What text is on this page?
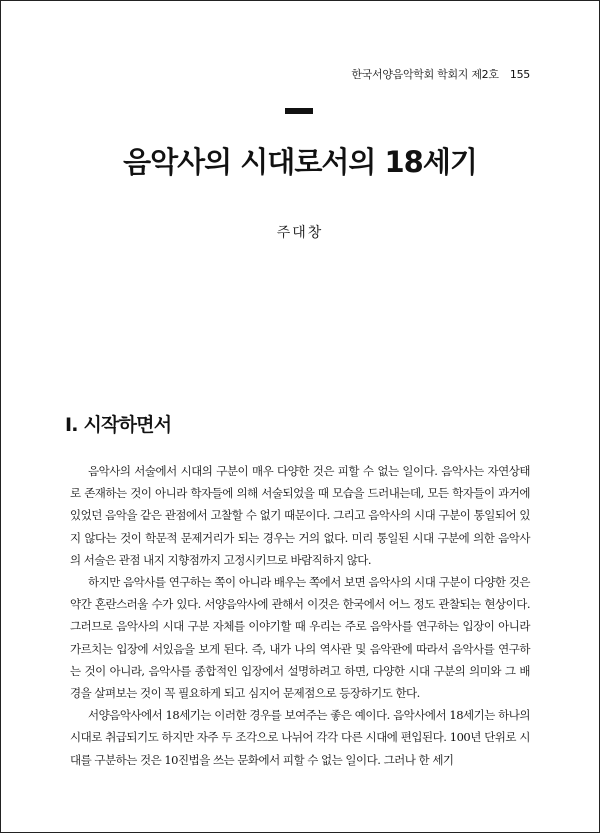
한국서양음악학회 학회지 제2호 155
음악사의 시대로서의 18세기
주대창
I. 시작하면서

음악사의 서술에서 시대의 구분이 매우 다양한 것은 피할 수 없는 일이다. 음악사는 자연상태로 존재하는 것이 아니라 학자들에 의해 서술되었을 때 모습을 드러내는데, 모든 학자들이 과거에 있었던 음악을 같은 관점에서 고찰할 수 없기 때문이다. 그리고 음악사의 시대 구분이 통일되어 있지 않다는 것이 학문적 문제거리가 되는 경우는 거의 없다. 미리 통일된 시대 구분에 의한 음악사의 서술은 관점 내지 지향점까지 고정시키므로 바람직하지 않다.

하지만 음악사를 연구하는 쪽이 아니라 배우는 쪽에서 보면 음악사의 시대 구분이 다양한 것은 약간 혼란스러울 수가 있다. 서양음악사에 관해서 이것은 한국에서 어느 정도 관찰되는 현상이다. 그러므로 음악사의 시대 구분 자체를 이야기할 때 우리는 주로 음악사를 연구하는 입장이 아니라 가르치는 입장에 서있음을 보게 된다. 즉, 내가 나의 역사관 및 음악관에 따라서 음악사를 연구하는 것이 아니라, 음악사를 종합적인 입장에서 설명하려고 하면, 다양한 시대 구분의 의미와 그 배경을 살펴보는 것이 꼭 필요하게 되고 심지어 문제점으로 등장하기도 한다.

서양음악사에서 18세기는 이러한 경우를 보여주는 좋은 예이다. 음악사에서 18세기는 하나의 시대로 취급되기도 하지만 자주 두 조각으로 나뉘어 각각 다른 시대에 편입된다. 100년 단위로 시대를 구분하는 것은 10진법을 쓰는 문화에서 피할 수 없는 일이다. 그러나 한 세기
